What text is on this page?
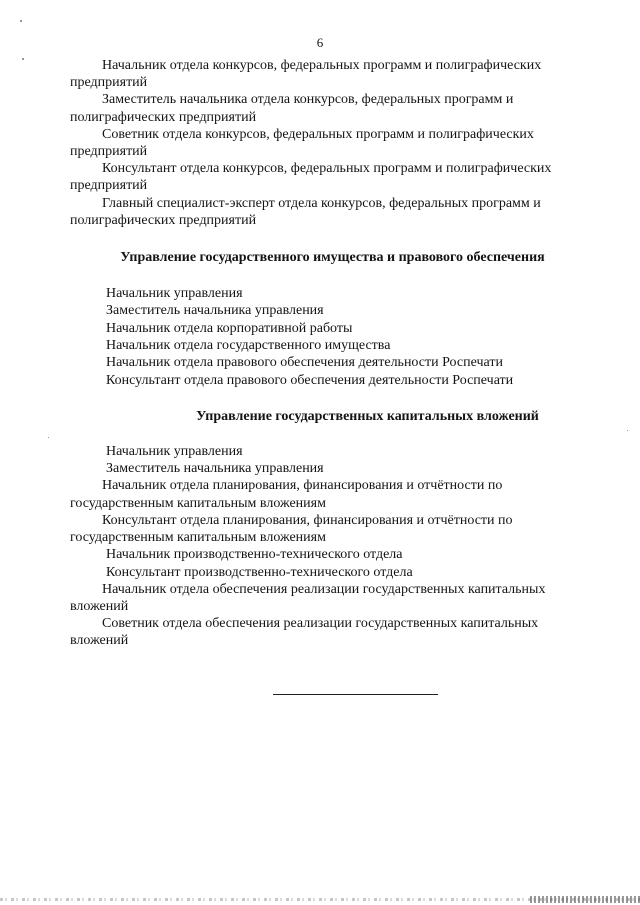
6

Начальник отдела конкурсов, федеральных программ и полиграфических предприятий

Заместитель начальника отдела конкурсов, федеральных программ и полиграфических предприятий

Советник отдела конкурсов, федеральных программ и полиграфических предприятий

Консультант отдела конкурсов, федеральных программ и полиграфических предприятий

Главный специалист-эксперт отдела конкурсов, федеральных программ и полиграфических предприятий

Управление государственного имущества и правового обеспечения

Начальник управления

Заместитель начальника управления

Начальник отдела корпоративной работы

Начальник отдела государственного имущества

Начальник отдела правового обеспечения деятельности Роспечати

Консультант отдела правового обеспечения деятельности Роспечати

Управление государственных капитальных вложений

Начальник управления

Заместитель начальника управления

Начальник отдела планирования, финансирования и отчётности по государственным капитальным вложениям

Консультант отдела планирования, финансирования и отчётности по государственным капитальным вложениям

Начальник производственно-технического отдела

Консультант производственно-технического отдела

Начальник отдела обеспечения реализации государственных капитальных вложений

Советник отдела обеспечения реализации государственных капитальных вложений
